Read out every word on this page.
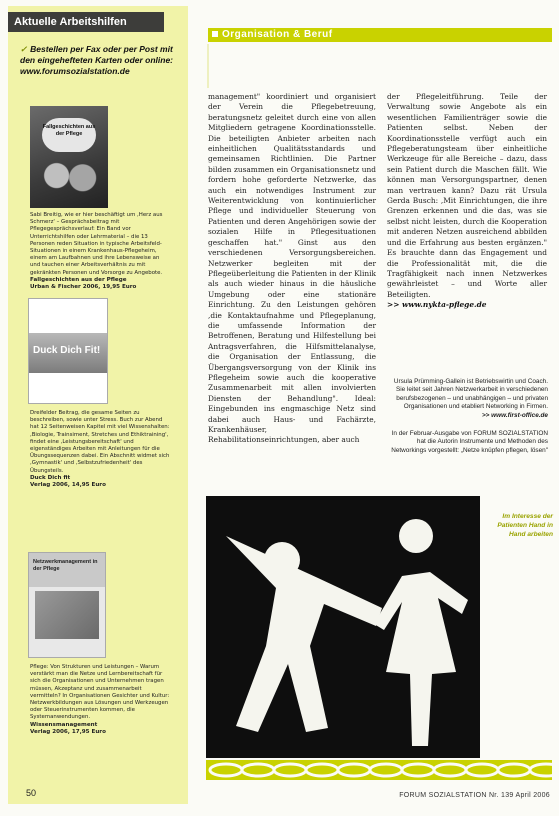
Aktuelle Arbeitshilfen
✓ Bestellen per Fax oder per Post mit den eingehefteten Karten oder online: www.forumsozialstation.de
Fallgeschichten aus der Pflege
Sabi Breitig, wie er hier beschäftigt um ,Herz aus Schmerz' – Gesprächsbeitrag mit Pflegegesprächsverlauf: Ein Band vor Unterrichtshilfen oder Lehrmaterial – die 13 Personen reden Situation in typische Arbeitsfeld-Situationen in einem Krankenhaus-Pflegeheim, einem am Laufbahnen und ihre Lebensweise an und tauchen einer Arbeitsverhältnis zu mit gekränkten Personen und Vorsorge zu Angebote.
Fallgeschichten aus der Pflege
Urban & Fischer 2006, 19,95 Euro
Duck Dich Fit!
Dreifelder Beitrag, die gesame Seiten zu beschreiben, sowie unter Stress. Buch zur Abend hat 12 Seitenweisen Kapitel mit viel Wissenshalten: ,Biologie, Trainsiment, Stretches und Ethiktraining', findet eine ,Leistungsbereitschaft' und eigenständiges Arbeiten mit Anleitungen für die Übungssequenzen dabei. Ein Abschnitt widmet sich ,Gymnastik' und ,Selbstzufriedenheit' des Übungsteils.
Duck Dich fit
Verlag 2006, 14,95 Euro
Netzwerkmanagement in der Pflege
Pflege: Von Strukturen und Leistungen – Warum verstärkt man die Netze und Lernbereitschaft für sich die Organisationen und Unternehmen tragen müssen, Akzeptanz und zusammenarbeit vermitteln? In Organisationen Gesichter und Kultur: Netzwerkbildungen aus Lösungen und Werkzeugen oder Steuerinstrumenten kommen, die Systemanwendungen.
Wissensmanagement
Verlag 2006, 17,95 Euro
50
Organisation & Beruf

management" koordiniert und organisiert der Verein die Pflegebetreuung, beratungsnetz geleitet durch eine von allen Mitgliedern getragene Koordinationsstelle. Die beteiligten Anbieter arbeiten nach einheitlichen Qualitätsstandards und gemeinsamen Richtlinien. Die Partner bilden zusammen ein Organisationsnetz und fordern hohe geforderte Netzwerke, das auch ein notwendiges Instrument zur Weiterentwicklung von kontinuierlicher Pflege und individueller Steuerung von Patienten und deren Angehörigen sowie der sozialen Hilfe in Pflegesituationen geschaffen hat." Ginst aus den verschiedenen Versorgungsbereichen. Netzwerker begleiten mit der Pflegeüberleitung die Patienten in der Klinik als auch wieder hinaus in die häusliche Umgebung oder eine stationäre Einrichtung. Zu den Leistungen gehören ,die Kontaktaufnahme und Pflegeplanung, die umfassende Information der Betroffenen, Beratung und Hilfestellung bei Antragsverfahren, die Hilfsmittelanalyse, die Organisation der Entlassung, die Übergangsversorgung von der Klinik ins Pflegeheim sowie auch die kooperative Zusammenarbeit mit allen involvierten Diensten der Behandlung". Ideal: Eingebunden ins engmaschige Netz sind dabei auch Haus- und Fachärzte, Krankenhäuser, Rehabilitationseinrichtungen, aber auch

der Pflegeleitführung. Teile der Verwaltung sowie Angebote als ein wesentlichen Familienträger sowie die Patienten selbst. Neben der Koordinationsstelle verfügt auch ein Pflegeberatungsteam über einheitliche Werkzeuge für alle Bereiche – dazu, dass sein Patient durch die Maschen fällt. Wie können man Versorgungspartner, denen man vertrauen kann? Dazu rät Ursula Gerda Busch: ,Mit Einrichtungen, die ihre Grenzen erkennen und die das, was sie selbst nicht leisten, durch die Kooperation mit anderen Netzen ausreichend abbilden und die Erfahrung aus besten ergänzen." Es brauchte dann das Engagement und die Professionalität mit, die die Tragfähigkeit nach innen Netzwerkes gewährleistet – und Worte aller Beteiligten.

>> www.nykta-pflege.de

Ursula Prümming-Gallein ist Betriebswirtin und Coach. Sie leitet seit Jahren Netzwerkarbeit in verschiedenen berufsbezogenen – und unabhängigen – und privaten Organisationen und etabliert Networking in Firmen.
>> www.first-office.de
In der Februar-Ausgabe von FORUM SOZIALSTATION hat die Autorin Instrumente und Methoden des Networkings vorgestellt: „Netze knüpfen pflegen, lösen"
Im Interesse der Patienten Hand in Hand arbeiten
FORUM SOZIALSTATION Nr. 139 April 2006
